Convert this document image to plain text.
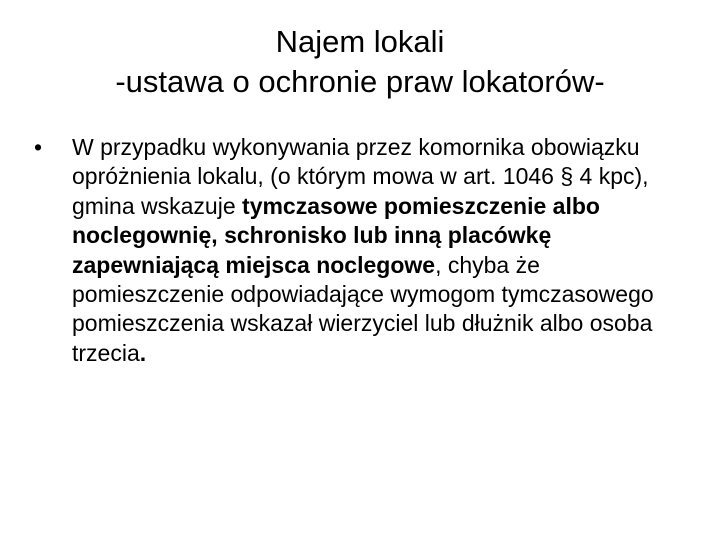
Najem lokali
-ustawa o ochronie praw lokatorów-
•	W przypadku wykonywania przez komornika obowiązku opróżnienia lokalu, (o którym mowa w art. 1046 § 4 kpc), gmina wskazuje tymczasowe pomieszczenie albo noclegownię, schronisko lub inną placówkę zapewniającą miejsca noclegowe, chyba że pomieszczenie odpowiadające wymogom tymczasowego pomieszczenia wskazał wierzyciel lub dłużnik albo osoba trzecia.
